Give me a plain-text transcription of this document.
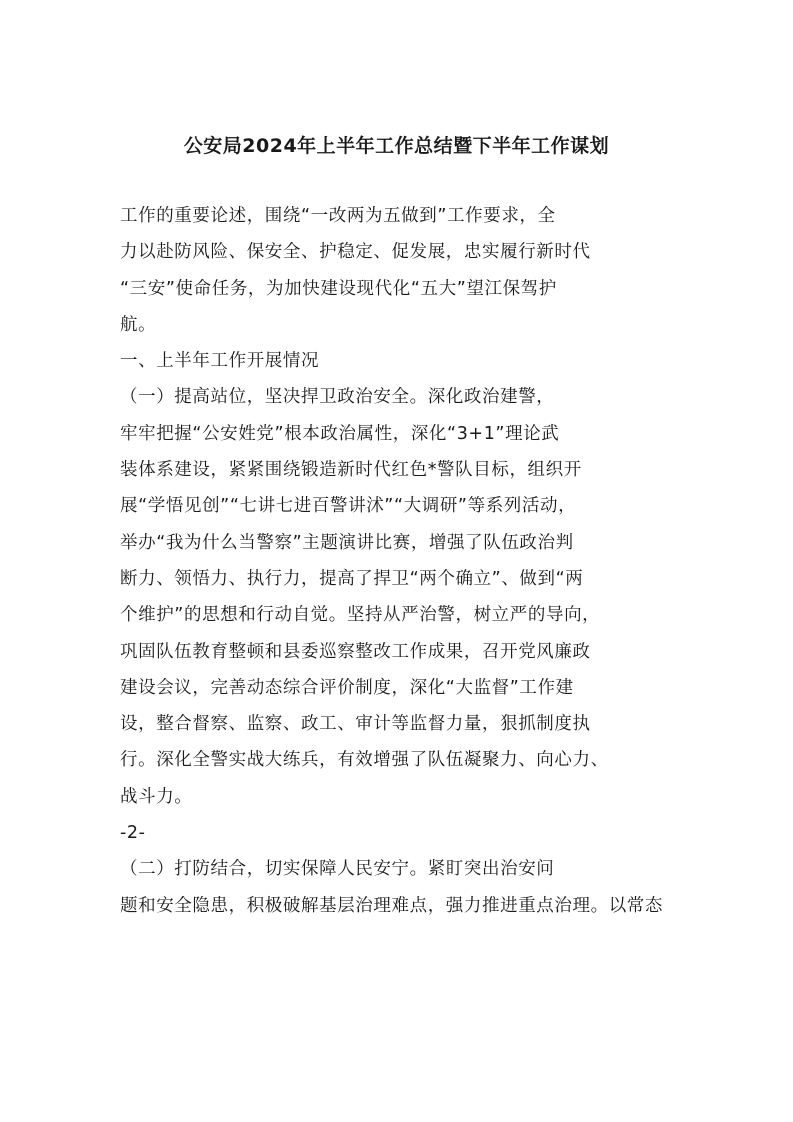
公安局2024年上半年工作总结暨下半年工作谋划
工作的重要论述，围绕“一改两为五做到”工作要求，全
力以赴防风险、保安全、护稳定、促发展，忠实履行新时代
“三安”使命任务，为加快建设现代化“五大”望江保驾护
航。
一、上半年工作开展情况
（一）提高站位，坚决捍卫政治安全。深化政治建警，
牢牢把握“公安姓党”根本政治属性，深化“3+1”理论武
装体系建设，紧紧围绕锻造新时代红色*警队目标，组织开
展“学悟见创”“七讲七进百警讲沭”“大调研”等系列活动，
举办“我为什么当警察”主题演讲比赛，增强了队伍政治判
断力、领悟力、执行力，提高了捍卫“两个确立”、做到“两
个维护”的思想和行动自觉。坚持从严治警，树立严的导向，
巩固队伍教育整顿和县委巡察整改工作成果，召开党风廉政
建设会议，完善动态综合评价制度，深化“大监督”工作建
设，整合督察、监察、政工、审计等监督力量，狠抓制度执
行。深化全警实战大练兵，有效增强了队伍凝聚力、向心力、
战斗力。
-2-
（二）打防结合，切实保障人民安宁。紧盯突出治安问
题和安全隐患，积极破解基层治理难点，强力推进重点治理。以常态
